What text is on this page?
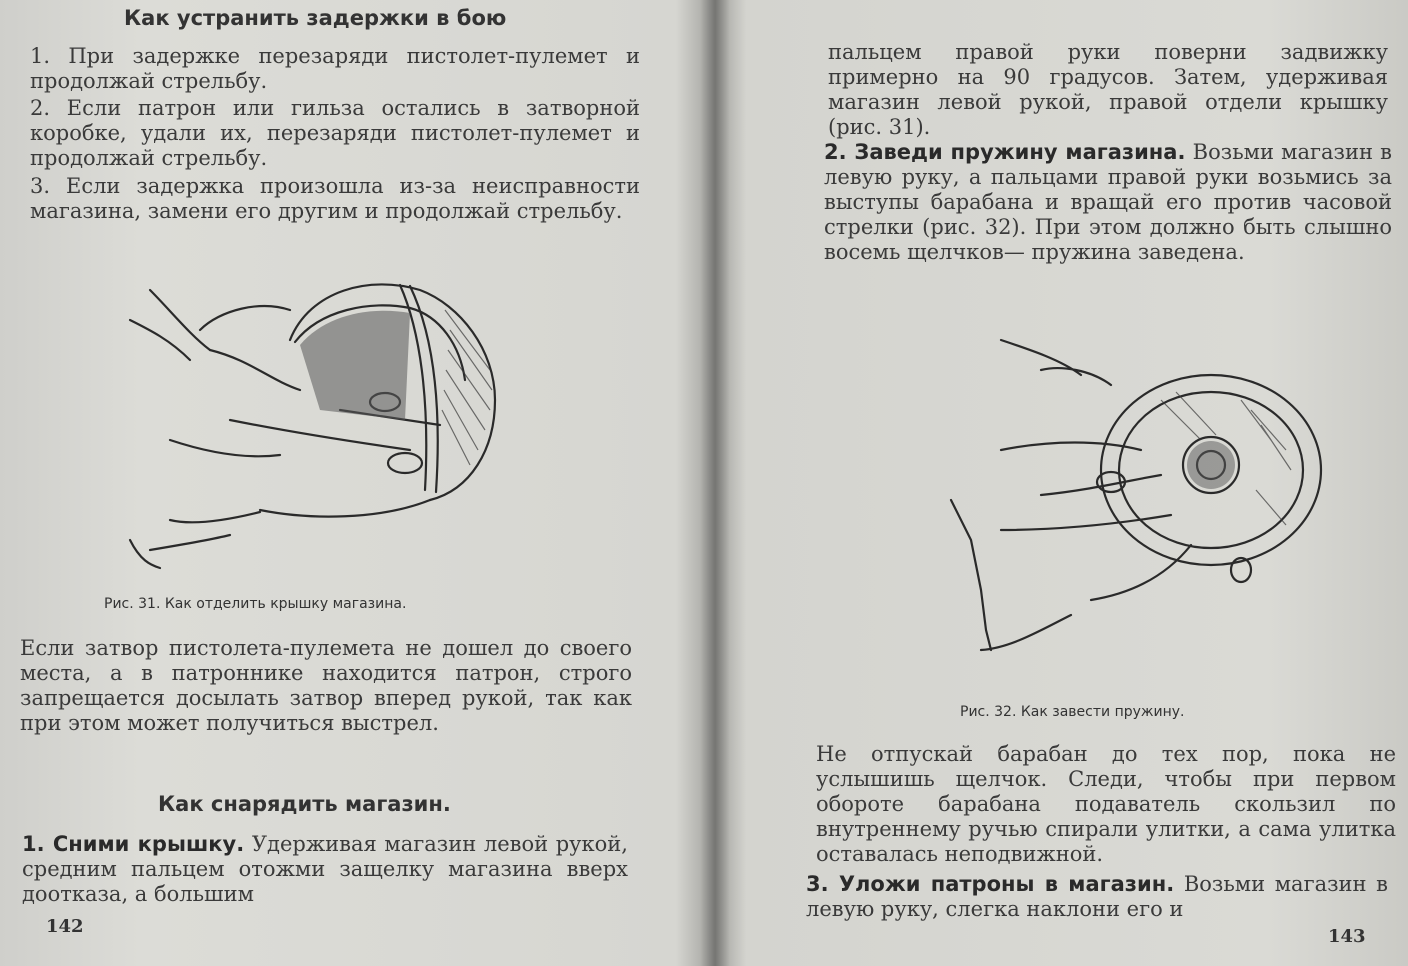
Как устранить задержки в бою

1. При задержке перезаряди пистолет-пулемет и продолжай стрельбу.

2. Если патрон или гильза остались в затворной коробке, удали их, перезаряди пистолет-пулемет и продолжай стрельбу.

3. Если задержка произошла из-за неисправности магазина, замени его другим и продолжай стрельбу.

Рис. 31. Как отделить крышку магазина.

Если затвор пистолета-пулемета не дошел до своего места, а в патроннике находится патрон, строго запрещается досылать затвор вперед рукой, так как при этом может получиться выстрел.

Как снарядить магазин.

1. Сними крышку. Удерживая магазин левой рукой, средним пальцем отожми защелку магазина вверх доотказа, а большим

142

пальцем правой руки поверни задвижку примерно на 90 градусов. Затем, удерживая магазин левой рукой, правой отдели крышку (рис. 31).

2. Заведи пружину магазина. Возьми магазин в левую руку, а пальцами правой руки возьмись за выступы барабана и вращай его против часовой стрелки (рис. 32). При этом должно быть слышно восемь щелчков— пружина заведена.

Рис. 32. Как завести пружину.

Не отпускай барабан до тех пор, пока не услышишь щелчок. Следи, чтобы при первом обороте барабана подаватель скользил по внутреннему ручью спирали улитки, а сама улитка оставалась неподвижной.

3. Уложи патроны в магазин. Возьми магазин в левую руку, слегка наклони его и

143
